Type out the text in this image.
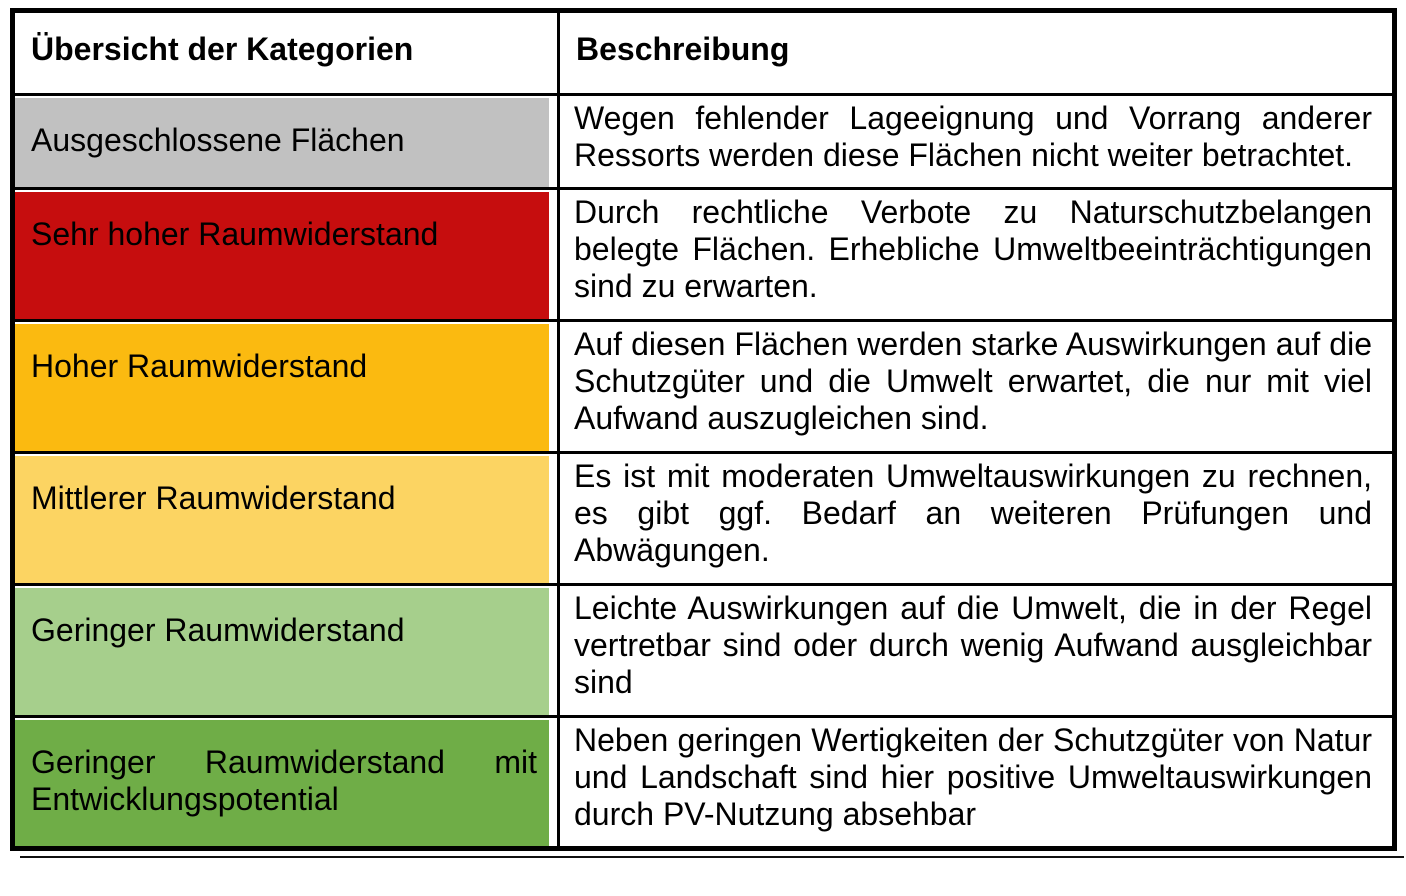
Übersicht der Kategorien	Beschreibung
Ausgeschlossene Flächen	Wegen fehlender Lageeignung und Vorrang anderer Ressorts werden diese Flächen nicht weiter betrachtet.
Sehr hoher Raumwiderstand	Durch rechtliche Verbote zu Naturschutzbelangen belegte Flächen. Erhebliche Umweltbeeinträchtigungen sind zu erwarten.
Hoher Raumwiderstand	Auf diesen Flächen werden starke Auswirkungen auf die Schutzgüter und die Umwelt erwartet, die nur mit viel Aufwand auszugleichen sind.
Mittlerer Raumwiderstand	Es ist mit moderaten Umweltauswirkungen zu rechnen, es gibt ggf. Bedarf an weiteren Prüfungen und Abwägungen.
Geringer Raumwiderstand	Leichte Auswirkungen auf die Umwelt, die in der Regel vertretbar sind oder durch wenig Aufwand ausgleichbar sind
Geringer Raumwiderstand mit Entwicklungspotential	Neben geringen Wertigkeiten der Schutzgüter von Natur und Landschaft sind hier positive Umweltauswirkungen durch PV-Nutzung absehbar
